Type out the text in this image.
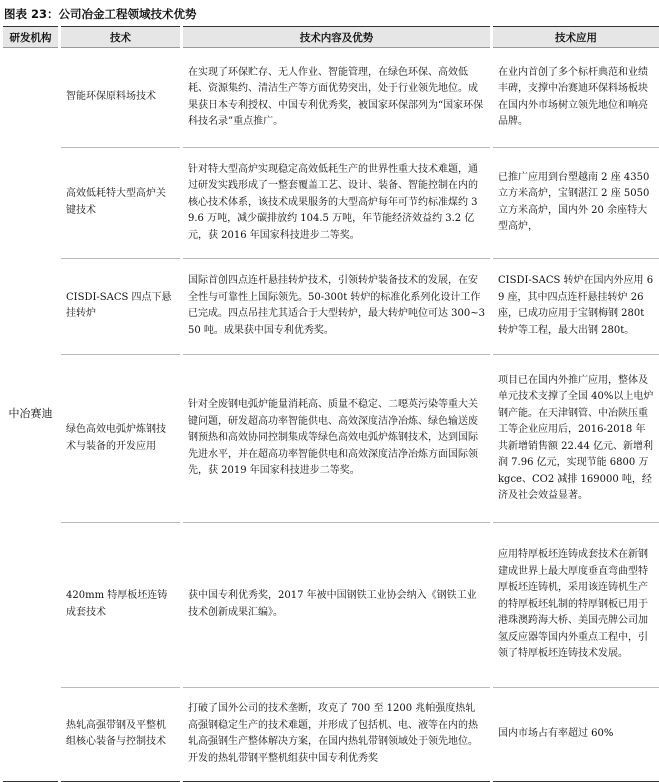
图表 23：公司冶金工程领域技术优势
研发机构	技术	技术内容及优势	技术应用
中冶赛迪	智能环保原料场技术	在实现了环保贮存、无人作业、智能管理，在绿色环保、高效低耗、资源集约、清洁生产等方面优势突出，处于行业领先地位。成果获日本专利授权、中国专利优秀奖，被国家环保部列为“国家环保科技名录”重点推广。	在业内首创了多个标杆典范和业绩丰碑，支撑中冶赛迪环保料场板块在国内外市场树立领先地位和响亮品牌。
	高效低耗特大型高炉关键技术	针对特大型高炉实现稳定高效低耗生产的世界性重大技术难题，通过研发实践形成了一整套覆盖工艺、设计、装备、智能控制在内的核心技术体系，该技术成果服务的大型高炉每年可节约标准煤约 39.6 万吨，减少碳排放约 104.5 万吨，年节能经济效益约 3.2 亿元，获 2016 年国家科技进步二等奖。	已推广应用到台塑越南 2 座 4350 立方米高炉，宝钢湛江 2 座 5050 立方米高炉，国内外 20 余座特大型高炉，
	CISDI-SACS 四点下悬挂转炉	国际首创四点连杆悬挂转炉技术，引领转炉装备技术的发展，在安全性与可靠性上国际领先。50-300t 转炉的标准化系列化设计工作已完成。四点吊挂尤其适合于大型转炉，最大转炉吨位可达 300~350 吨。成果获中国专利优秀奖。	CISDI-SACS 转炉在国内外应用 69 座，其中四点连杆悬挂转炉 26 座，已成功应用于宝钢梅钢 280t 转炉等工程，最大出钢 280t。
	绿色高效电弧炉炼钢技术与装备的开发应用	针对全废钢电弧炉能量消耗高、质量不稳定、二噁英污染等重大关键问题，研发超高功率智能供电、高效深度洁净冶炼、绿色输送废钢预热和高效协同控制集成等绿色高效电弧炉炼钢技术，达到国际先进水平，并在超高功率智能供电和高效深度洁净冶炼方面国际领先，获 2019 年国家科技进步二等奖。	项目已在国内外推广应用，整体及单元技术支撑了全国 40%以上电炉钢产能。在天津钢管、中冶陕压重工等企业应用后，2016-2018 年共新增销售额 22.44 亿元、新增利润 7.96 亿元，实现节能 6800 万 kgce、CO2 减排 169000 吨，经济及社会效益显著。
	420mm 特厚板坯连铸成套技术	获中国专利优秀奖，2017 年被中国钢铁工业协会纳入《钢铁工业技术创新成果汇编》。	应用特厚板坯连铸成套技术在新钢建成世界上最大厚度垂直弯曲型特厚板坯连铸机，采用该连铸机生产的特厚板坯轧制的特厚钢板已用于港珠澳跨海大桥、美国壳牌公司加氢反应器等国内外重点工程中，引领了特厚板坯连铸技术发展。
	热轧高强带钢及平整机组核心装备与控制技术	打破了国外公司的技术垄断，攻克了 700 至 1200 兆帕强度热轧高强钢稳定生产的技术难题，并形成了包括机、电、液等在内的热轧高强钢生产整体解决方案，在国内热轧带钢领域处于领先地位。开发的热轧带钢平整机组获中国专利优秀奖	国内市场占有率超过 60%
